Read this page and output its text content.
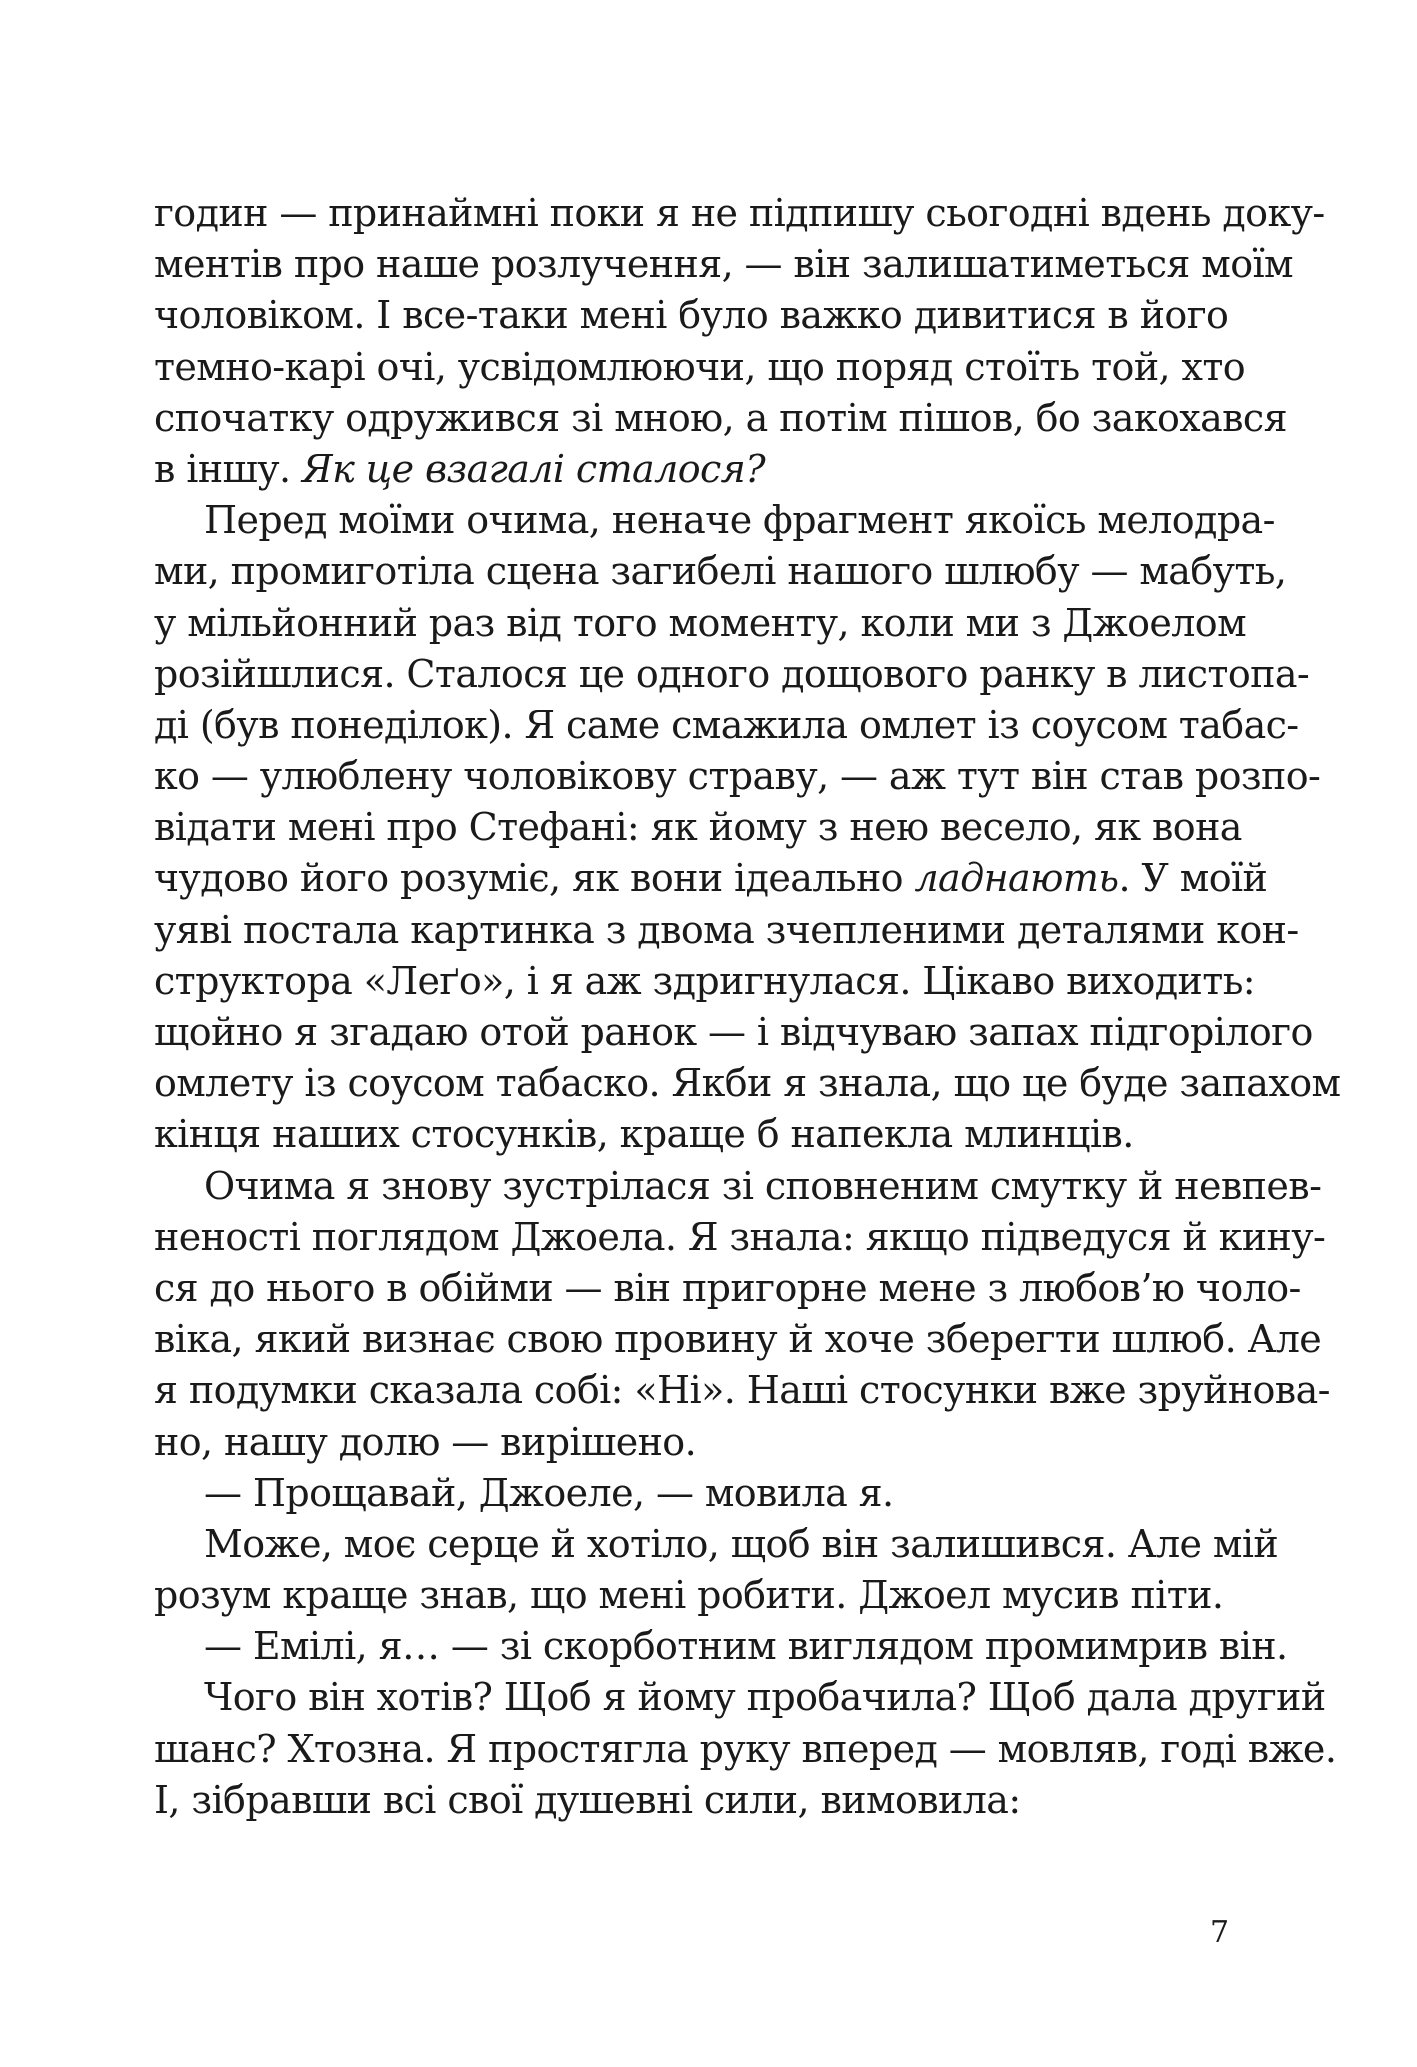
годин — принаймні поки я не підпишу сьогодні вдень доку-
ментів про наше розлучення, — він залишатиметься моїм
чоловіком. І все-таки мені було важко дивитися в його
темно-карі очі, усвідомлюючи, що поряд стоїть той, хто
спочатку одружився зі мною, а потім пішов, бо закохався
в іншу. Як це взагалі сталося?
Перед моїми очима, неначе фрагмент якоїсь мелодра-
ми, промиготіла сцена загибелі нашого шлюбу — мабуть,
у мільйонний раз від того моменту, коли ми з Джоелом
розійшлися. Сталося це одного дощового ранку в листопа-
ді (був понеділок). Я саме смажила омлет із соусом табас-
ко — улюблену чоловікову страву, — аж тут він став розпо-
відати мені про Стефані: як йому з нею весело, як вона
чудово його розуміє, як вони ідеально ладнають. У моїй
уяві постала картинка з двома зчепленими деталями кон-
структора «Леґо», і я аж здригнулася. Цікаво виходить:
щойно я згадаю отой ранок — і відчуваю запах підгорілого
омлету із соусом табаско. Якби я знала, що це буде запахом
кінця наших стосунків, краще б напекла млинців.
Очима я знову зустрілася зі сповненим смутку й невпев-
неності поглядом Джоела. Я знала: якщо підведуся й кину-
ся до нього в обійми — він пригорне мене з любов’ю чоло-
віка, який визнає свою провину й хоче зберегти шлюб. Але
я подумки сказала собі: «Ні». Наші стосунки вже зруйнова-
но, нашу долю — вирішено.
— Прощавай, Джоеле, — мовила я.
Може, моє серце й хотіло, щоб він залишився. Але мій
розум краще знав, що мені робити. Джоел мусив піти.
— Емілі, я… — зі скорботним виглядом промимрив він.
Чого він хотів? Щоб я йому пробачила? Щоб дала другий
шанс? Хтозна. Я простягла руку вперед — мовляв, годі вже.
І, зібравши всі свої душевні сили, вимовила:
7
